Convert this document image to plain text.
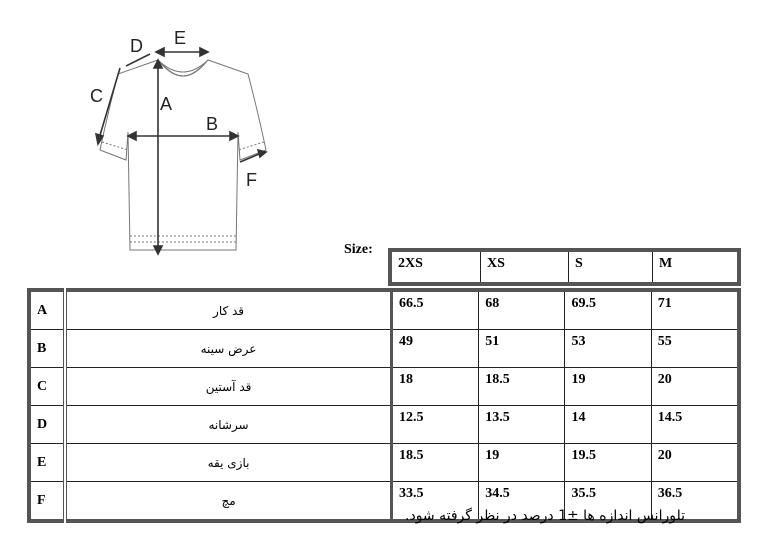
A
B
C
D E
F
Size:
2XS	XS	S	M
A	قد کار	66.5	68	69.5	71
B	عرض سینه	49	51	53	55
C	قد آستین	18	18.5	19	20
D	سرشانه	12.5	13.5	14	14.5
E	بازی یقه	18.5	19	19.5	20
F	مچ	33.5	34.5	35.5	36.5
تلورانس اندازه ها ±1 درصد در نظر گرفته شود.
